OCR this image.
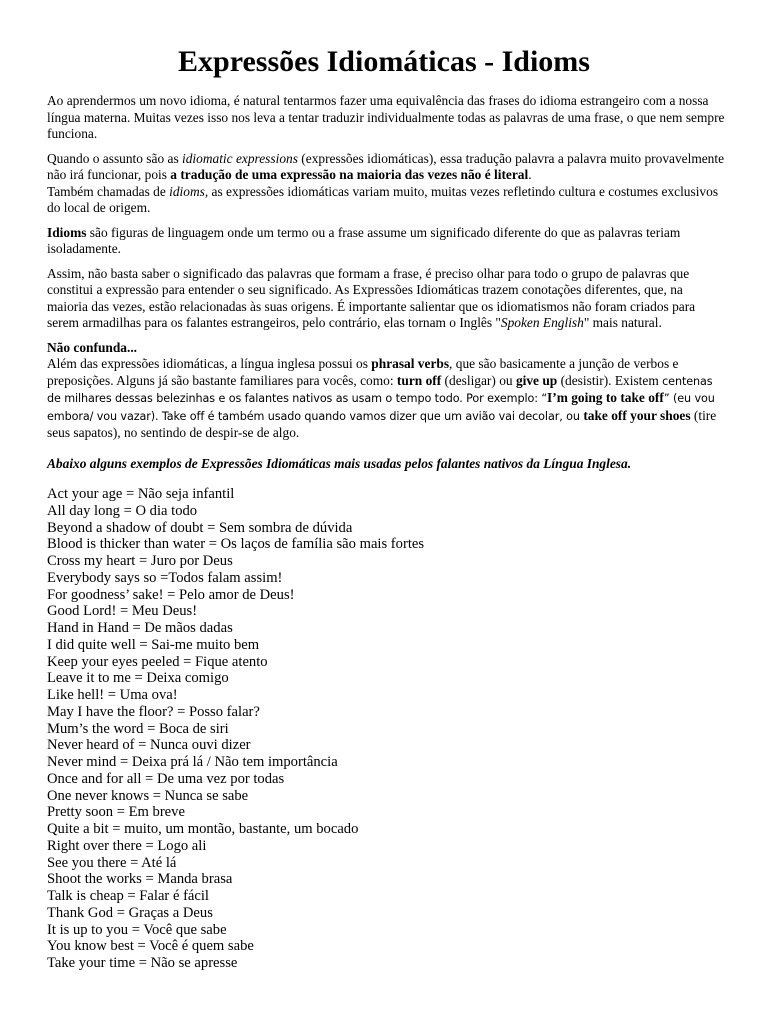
Expressões Idiomáticas - Idioms

Ao aprendermos um novo idioma, é natural tentarmos fazer uma equivalência das frases do idioma estrangeiro com a nossa língua materna. Muitas vezes isso nos leva a tentar traduzir individualmente todas as palavras de uma frase, o que nem sempre funciona.

Quando o assunto são as idiomatic expressions (expressões idiomáticas), essa tradução palavra a palavra muito provavelmente não irá funcionar, pois a tradução de uma expressão na maioria das vezes não é literal.

Também chamadas de idioms, as expressões idiomáticas variam muito, muitas vezes refletindo cultura e costumes exclusivos do local de origem.

Idioms são figuras de linguagem onde um termo ou a frase assume um significado diferente do que as palavras teriam isoladamente.

Assim, não basta saber o significado das palavras que formam a frase, é preciso olhar para todo o grupo de palavras que constitui a expressão para entender o seu significado. As Expressões Idiomáticas trazem conotações diferentes, que, na maioria das vezes, estão relacionadas às suas origens. É importante salientar que os idiomatismos não foram criados para serem armadilhas para os falantes estrangeiros, pelo contrário, elas tornam o Inglês "Spoken English" mais natural.

Não confunda...
Além das expressões idiomáticas, a língua inglesa possui os phrasal verbs, que são basicamente a junção de verbos e preposições. Alguns já são bastante familiares para vocês, como: turn off (desligar) ou give up (desistir). Existem centenas de milhares dessas belezinhas e os falantes nativos as usam o tempo todo. Por exemplo: “I’m going to take off” (eu vou embora/ vou vazar). Take off é também usado quando vamos dizer que um avião vai decolar, ou take off your shoes (tire seus sapatos), no sentindo de despir-se de algo.

Abaixo alguns exemplos de Expressões Idiomáticas mais usadas pelos falantes nativos da Língua Inglesa.

Act your age = Não seja infantil
All day long = O dia todo
Beyond a shadow of doubt = Sem sombra de dúvida
Blood is thicker than water = Os laços de família são mais fortes
Cross my heart = Juro por Deus
Everybody says so =Todos falam assim!
For goodness’ sake! = Pelo amor de Deus!
Good Lord! = Meu Deus!
Hand in Hand = De mãos dadas
I did quite well = Sai-me muito bem
Keep your eyes peeled = Fique atento
Leave it to me = Deixa comigo
Like hell! = Uma ova!
May I have the floor? = Posso falar?
Mum’s the word = Boca de siri
Never heard of = Nunca ouvi dizer
Never mind = Deixa prá lá / Não tem importância
Once and for all = De uma vez por todas
One never knows = Nunca se sabe
Pretty soon = Em breve
Quite a bit = muito, um montão, bastante, um bocado
Right over there = Logo ali
See you there = Até lá
Shoot the works = Manda brasa
Talk is cheap = Falar é fácil
Thank God = Graças a Deus
It is up to you = Você que sabe
You know best = Você é quem sabe
Take your time = Não se apresse
